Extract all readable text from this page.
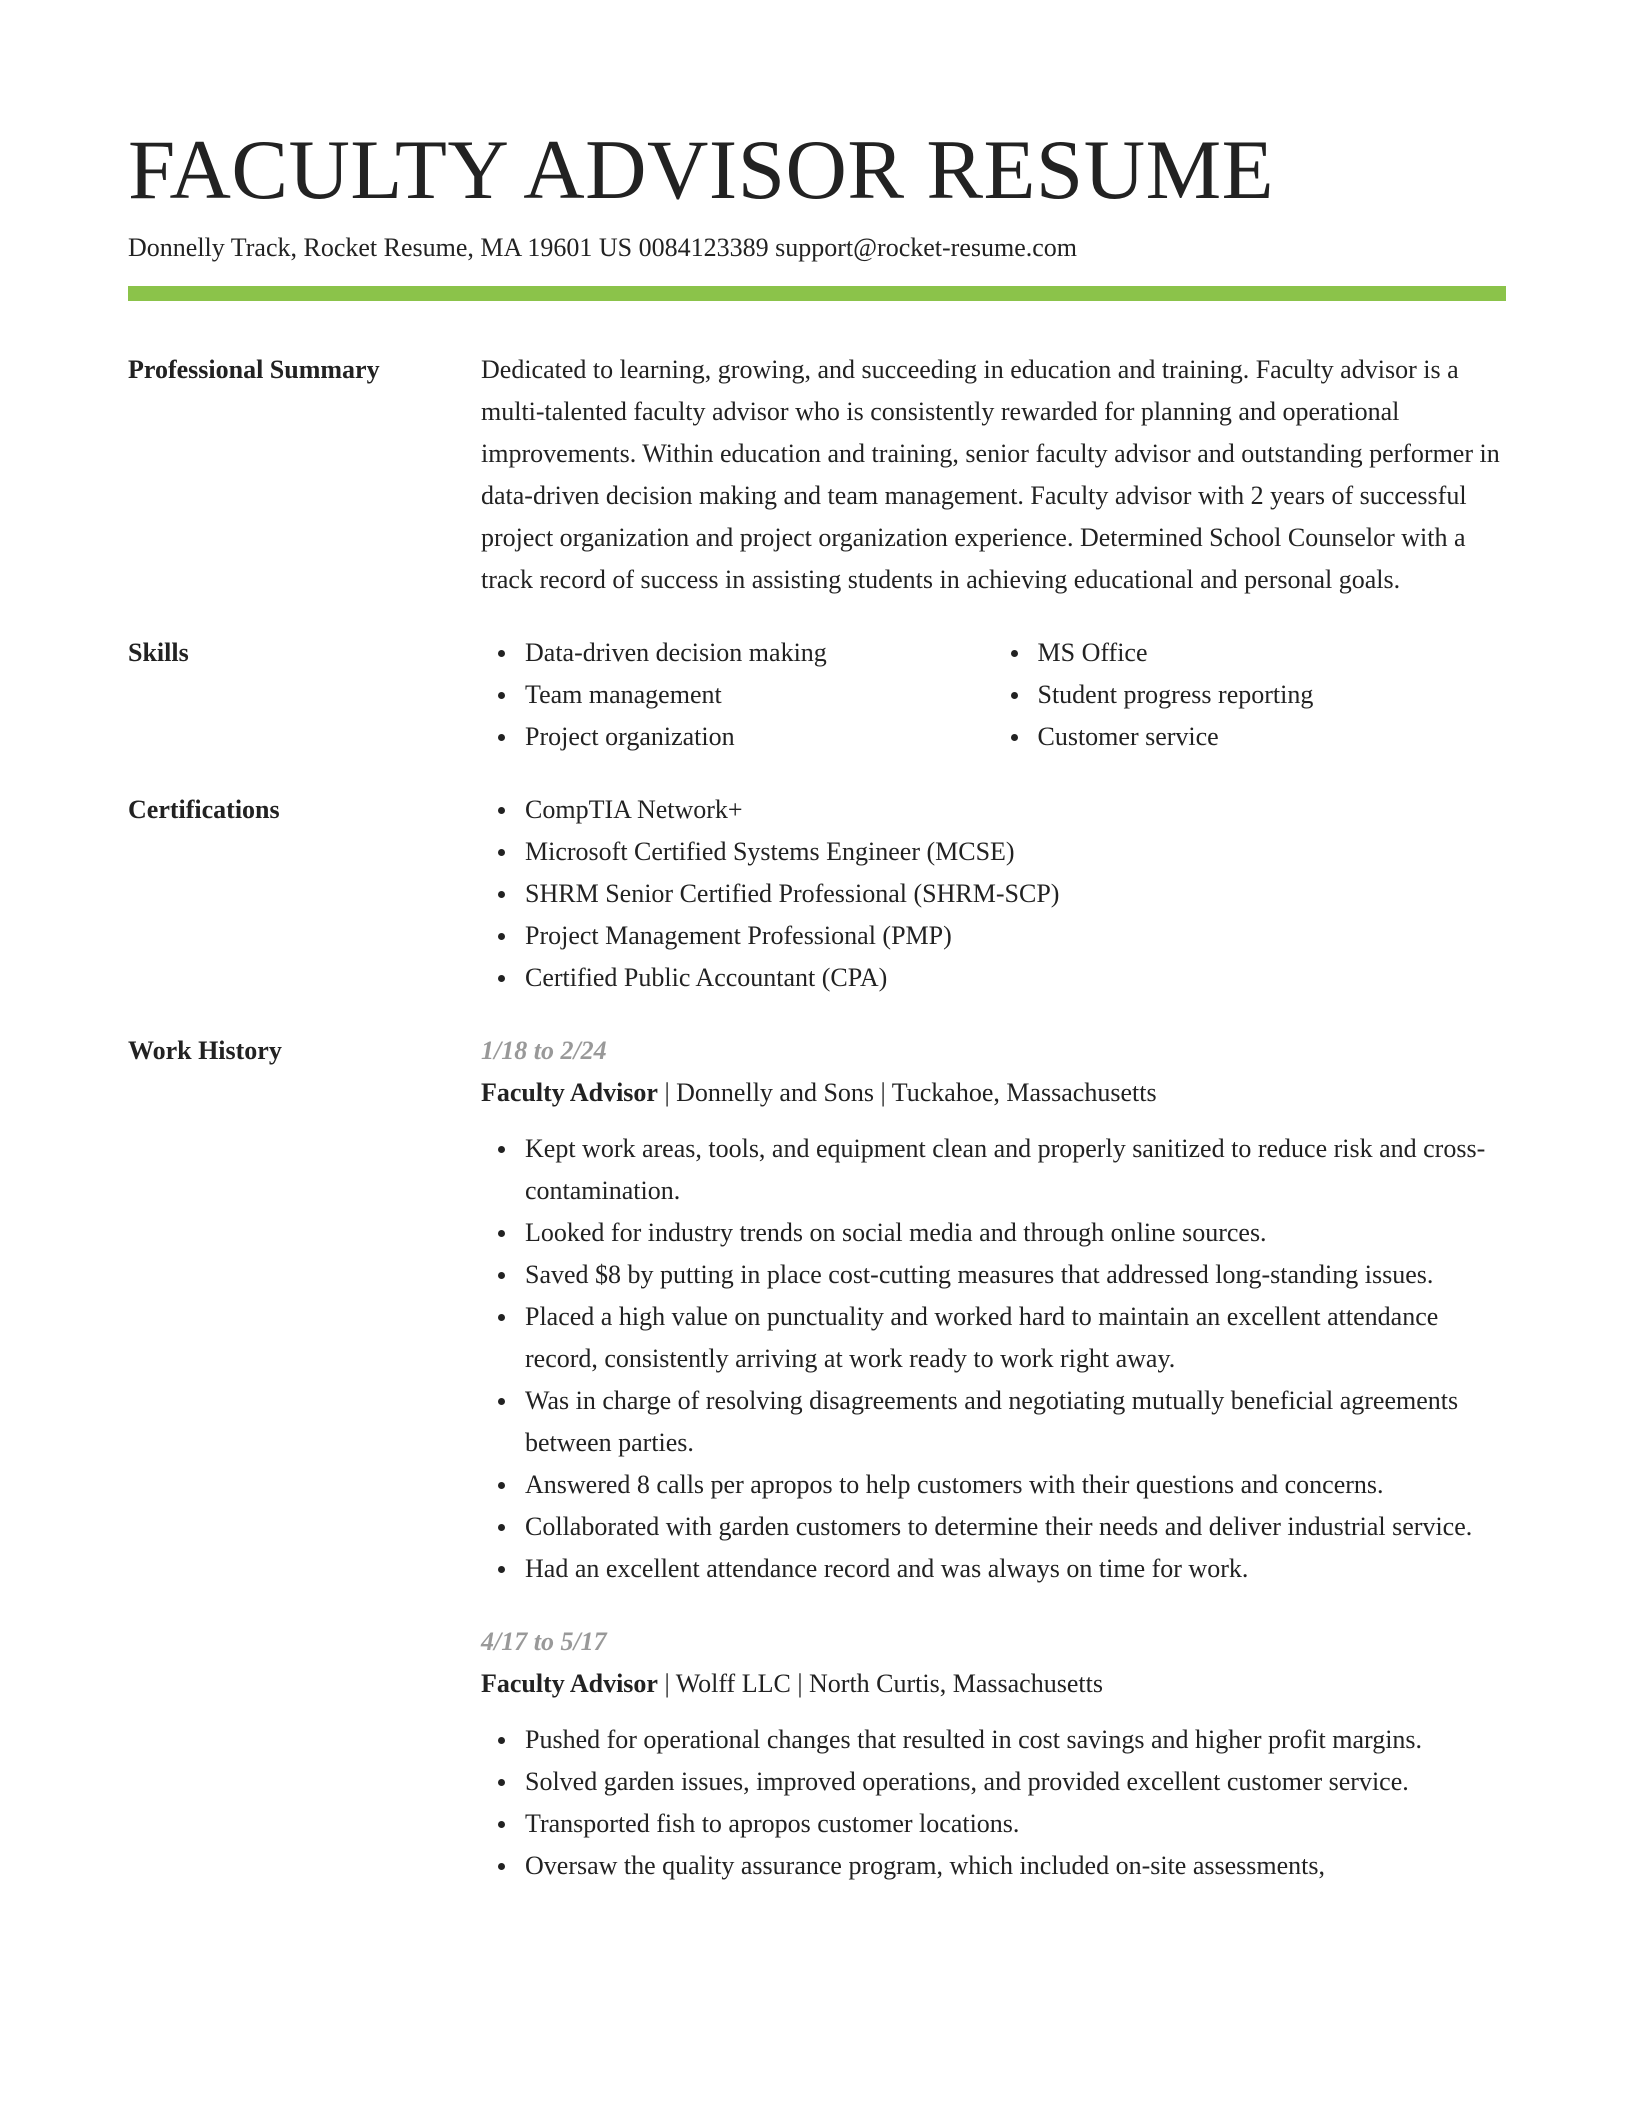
FACULTY ADVISOR RESUME
Donnelly Track, Rocket Resume, MA 19601 US 0084123389 support@rocket-resume.com
Professional Summary	Dedicated to learning, growing, and succeeding in education and training. Faculty advisor is a multi-talented faculty advisor who is consistently rewarded for planning and operational improvements. Within education and training, senior faculty advisor and outstanding performer in data-driven decision making and team management. Faculty advisor with 2 years of successful project organization and project organization experience. Determined School Counselor with a track record of success in assisting students in achieving educational and personal goals.
Skills	Data-driven decision making
Team management
Project organization
MS Office
Student progress reporting
Customer service
Certifications	CompTIA Network+
Microsoft Certified Systems Engineer (MCSE)
SHRM Senior Certified Professional (SHRM-SCP)
Project Management Professional (PMP)
Certified Public Accountant (CPA)
Work History	1/18 to 2/24
Faculty Advisor | Donnelly and Sons | Tuckahoe, Massachusetts
Kept work areas, tools, and equipment clean and properly sanitized to reduce risk and cross-contamination.
Looked for industry trends on social media and through online sources.
Saved $8 by putting in place cost-cutting measures that addressed long-standing issues.
Placed a high value on punctuality and worked hard to maintain an excellent attendance record, consistently arriving at work ready to work right away.
Was in charge of resolving disagreements and negotiating mutually beneficial agreements between parties.
Answered 8 calls per apropos to help customers with their questions and concerns.
Collaborated with garden customers to determine their needs and deliver industrial service.
Had an excellent attendance record and was always on time for work.
4/17 to 5/17
Faculty Advisor | Wolff LLC | North Curtis, Massachusetts
Pushed for operational changes that resulted in cost savings and higher profit margins.
Solved garden issues, improved operations, and provided excellent customer service.
Transported fish to apropos customer locations.
Oversaw the quality assurance program, which included on-site assessments,
